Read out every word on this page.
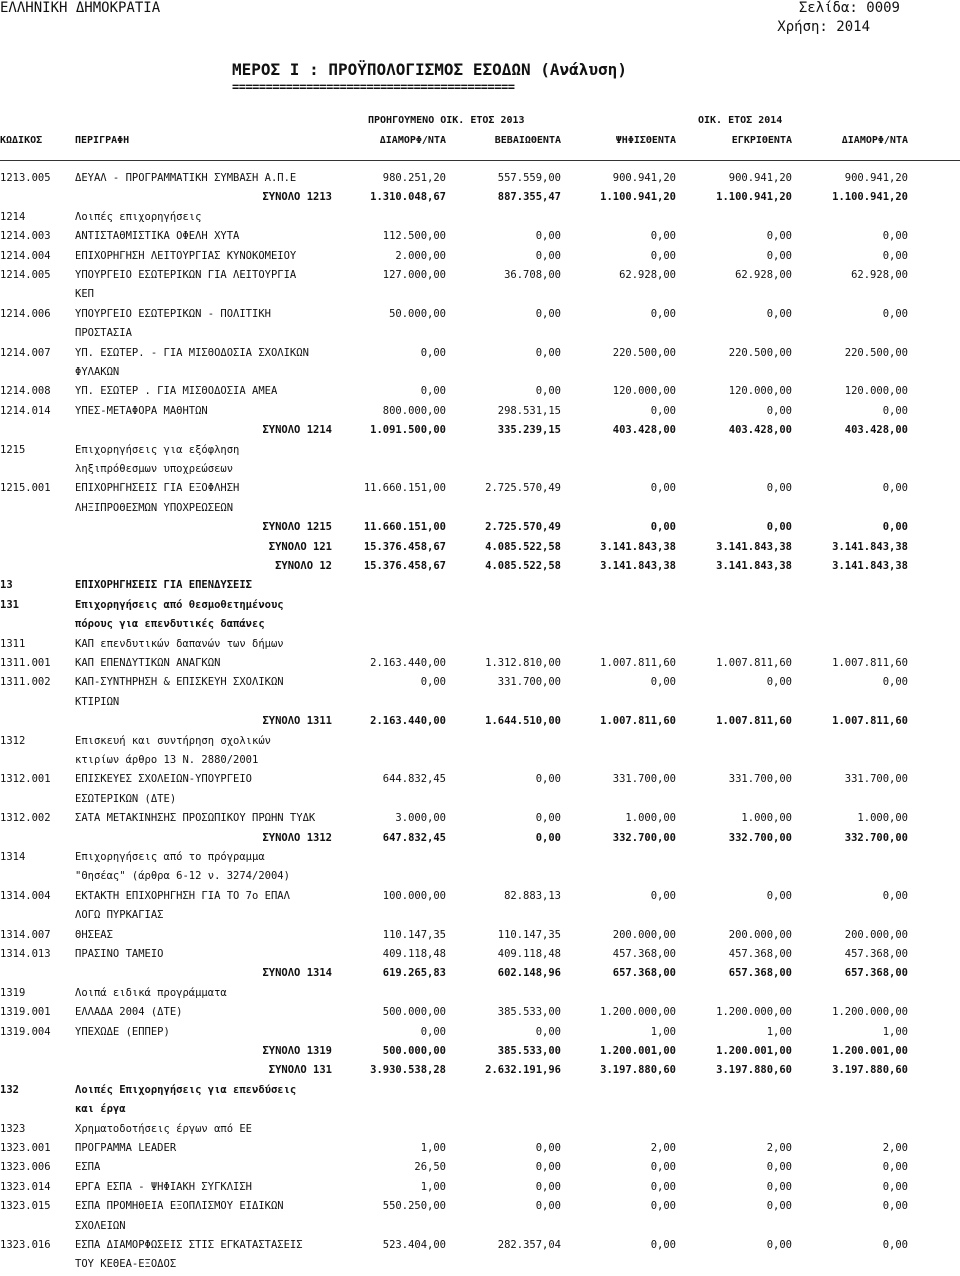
ΕΛΛΗΝΙΚΗ ΔΗΜΟΚΡΑΤΙΑ	Σελίδα: 0009
Χρήση: 2014
ΜΕΡΟΣ Ι : ΠΡΟΫΠΟΛΟΓΙΣΜΟΣ ΕΣΟΔΩΝ (Ανάλυση)
==========================================
ΠΡΟΗΓΟΥΜΕΝΟ ΟΙΚ. ΕΤΟΣ 2013	ΟΙΚ. ΕΤΟΣ 2014
ΚΩΔΙΚΟΣ	ΠΕΡΙΓΡΑΦΗ	ΔΙΑΜΟΡΦ/ΝΤΑ	ΒΕΒΑΙΩΘΕΝΤΑ	ΨΗΦΙΣΘΕΝΤΑ	ΕΓΚΡΙΘΕΝΤΑ	ΔΙΑΜΟΡΦ/ΝΤΑ
1213.005 ΔΕΥΑΛ - ΠΡΟΓΡΑΜΜΑΤΙΚΗ ΣΥΜΒΑΣΗ Α.Π.Ε	980.251,20	557.559,00	900.941,20	900.941,20	900.941,20
ΣΥΝΟΛΟ 1213	1.310.048,67	887.355,47	1.100.941,20	1.100.941,20	1.100.941,20
1214	Λοιπές επιχορηγήσεις
1214.003 ΑΝΤΙΣΤΑΘΜΙΣΤΙΚΑ ΟΦΕΛΗ ΧΥΤΑ	112.500,00	0,00	0,00	0,00	0,00
1214.004 ΕΠΙΧΟΡΗΓΗΣΗ ΛΕΙΤΟΥΡΓΙΑΣ ΚΥΝΟΚΟΜΕΙΟΥ	2.000,00	0,00	0,00	0,00	0,00
1214.005 ΥΠΟΥΡΓΕΙΟ ΕΣΩΤΕΡΙΚΩΝ ΓΙΑ ΛΕΙΤΟΥΡΓΙΑ	127.000,00	36.708,00	62.928,00	62.928,00	62.928,00
ΚΕΠ
1214.006 ΥΠΟΥΡΓΕΙΟ ΕΣΩΤΕΡΙΚΩΝ - ΠΟΛΙΤΙΚΗ	50.000,00	0,00	0,00	0,00	0,00
ΠΡΟΣΤΑΣΙΑ
1214.007 ΥΠ. ΕΣΩΤΕΡ. - ΓΙΑ ΜΙΣΘΟΔΟΣΙΑ ΣΧΟΛΙΚΩΝ	0,00	0,00	220.500,00	220.500,00	220.500,00
ΦΥΛΑΚΩΝ
1214.008 ΥΠ. ΕΣΩΤΕΡ . ΓΙΑ ΜΙΣΘΟΔΟΣΙΑ ΑΜΕΑ	0,00	0,00	120.000,00	120.000,00	120.000,00
1214.014 ΥΠΕΣ-ΜΕΤΑΦΟΡΑ ΜΑΘΗΤΩΝ	800.000,00	298.531,15	0,00	0,00	0,00
ΣΥΝΟΛΟ 1214	1.091.500,00	335.239,15	403.428,00	403.428,00	403.428,00
1215	Επιχορηγήσεις για εξόφληση
ληξιπρόθεσμων υποχρεώσεων
1215.001 ΕΠΙΧΟΡΗΓΗΣΕΙΣ ΓΙΑ ΕΞΟΦΛΗΣΗ	11.660.151,00	2.725.570,49	0,00	0,00	0,00
ΛΗΞΙΠΡΟΘΕΣΜΩΝ ΥΠΟΧΡΕΩΣΕΩΝ
ΣΥΝΟΛΟ 1215	11.660.151,00	2.725.570,49	0,00	0,00	0,00
ΣΥΝΟΛΟ 121	15.376.458,67	4.085.522,58	3.141.843,38	3.141.843,38	3.141.843,38
ΣΥΝΟΛΟ 12	15.376.458,67	4.085.522,58	3.141.843,38	3.141.843,38	3.141.843,38
13	ΕΠΙΧΟΡΗΓΗΣΕΙΣ ΓΙΑ ΕΠΕΝΔΥΣΕΙΣ
131	Επιχορηγήσεις από θεσμοθετημένους
πόρους για επενδυτικές δαπάνες
1311	ΚΑΠ επενδυτικών δαπανών των δήμων
1311.001 ΚΑΠ ΕΠΕΝΔΥΤΙΚΩΝ ΑΝΑΓΚΩΝ	2.163.440,00	1.312.810,00	1.007.811,60	1.007.811,60	1.007.811,60
1311.002 ΚΑΠ-ΣΥΝΤΗΡΗΣΗ & ΕΠΙΣΚΕΥΗ ΣΧΟΛΙΚΩΝ	0,00	331.700,00	0,00	0,00	0,00
ΚΤΙΡΙΩΝ
ΣΥΝΟΛΟ 1311	2.163.440,00	1.644.510,00	1.007.811,60	1.007.811,60	1.007.811,60
1312	Επισκευή και συντήρηση σχολικών
κτιρίων άρθρο 13 Ν. 2880/2001
1312.001 ΕΠΙΣΚΕΥΕΣ ΣΧΟΛΕΙΩΝ-ΥΠΟΥΡΓΕΙΟ	644.832,45	0,00	331.700,00	331.700,00	331.700,00
ΕΣΩΤΕΡΙΚΩΝ (ΔΤΕ)
1312.002 ΣΑΤΑ ΜΕΤΑΚΙΝΗΣΗΣ ΠΡΟΣΩΠΙΚΟΥ ΠΡΩΗΝ ΤΥΔΚ	3.000,00	0,00	1.000,00	1.000,00	1.000,00
ΣΥΝΟΛΟ 1312	647.832,45	0,00	332.700,00	332.700,00	332.700,00
1314	Επιχορηγήσεις από το πρόγραμμα
"Θησέας" (άρθρα 6-12 ν. 3274/2004)
1314.004 ΕΚΤΑΚΤΗ ΕΠΙΧΟΡΗΓΗΣΗ ΓΙΑ ΤΟ 7ο ΕΠΑΛ	100.000,00	82.883,13	0,00	0,00	0,00
ΛΟΓΩ ΠΥΡΚΑΓΙΑΣ
1314.007 ΘΗΣΕΑΣ	110.147,35	110.147,35	200.000,00	200.000,00	200.000,00
1314.013 ΠΡΑΣΙΝΟ ΤΑΜΕΙΟ	409.118,48	409.118,48	457.368,00	457.368,00	457.368,00
ΣΥΝΟΛΟ 1314	619.265,83	602.148,96	657.368,00	657.368,00	657.368,00
1319	Λοιπά ειδικά προγράμματα
1319.001 ΕΛΛΑΔΑ 2004 (ΔΤΕ)	500.000,00	385.533,00	1.200.000,00	1.200.000,00	1.200.000,00
1319.004 ΥΠΕΧΩΔΕ (ΕΠΠΕΡ)	0,00	0,00	1,00	1,00	1,00
ΣΥΝΟΛΟ 1319	500.000,00	385.533,00	1.200.001,00	1.200.001,00	1.200.001,00
ΣΥΝΟΛΟ 131	3.930.538,28	2.632.191,96	3.197.880,60	3.197.880,60	3.197.880,60
132	Λοιπές Επιχορηγήσεις για επενδύσεις
και έργα
1323	Χρηματοδοτήσεις έργων από ΕΕ
1323.001 ΠΡΟΓΡΑΜΜΑ LEADER	1,00	0,00	2,00	2,00	2,00
1323.006 ΕΣΠΑ	26,50	0,00	0,00	0,00	0,00
1323.014 ΕΡΓΑ ΕΣΠΑ - ΨΗΦΙΑΚΗ ΣΥΓΚΛΙΣΗ	1,00	0,00	0,00	0,00	0,00
1323.015 ΕΣΠΑ ΠΡΟΜΗΘΕΙΑ ΕΞΟΠΛΙΣΜΟΥ ΕΙΔΙΚΩΝ	550.250,00	0,00	0,00	0,00	0,00
ΣΧΟΛΕΙΩΝ
1323.016 ΕΣΠΑ ΔΙΑΜΟΡΦΩΣΕΙΣ ΣΤΙΣ ΕΓΚΑΤΑΣΤΑΣΕΙΣ	523.404,00	282.357,04	0,00	0,00	0,00
ΤΟΥ ΚΕΘΕΑ-ΕΞΟΔΟΣ
